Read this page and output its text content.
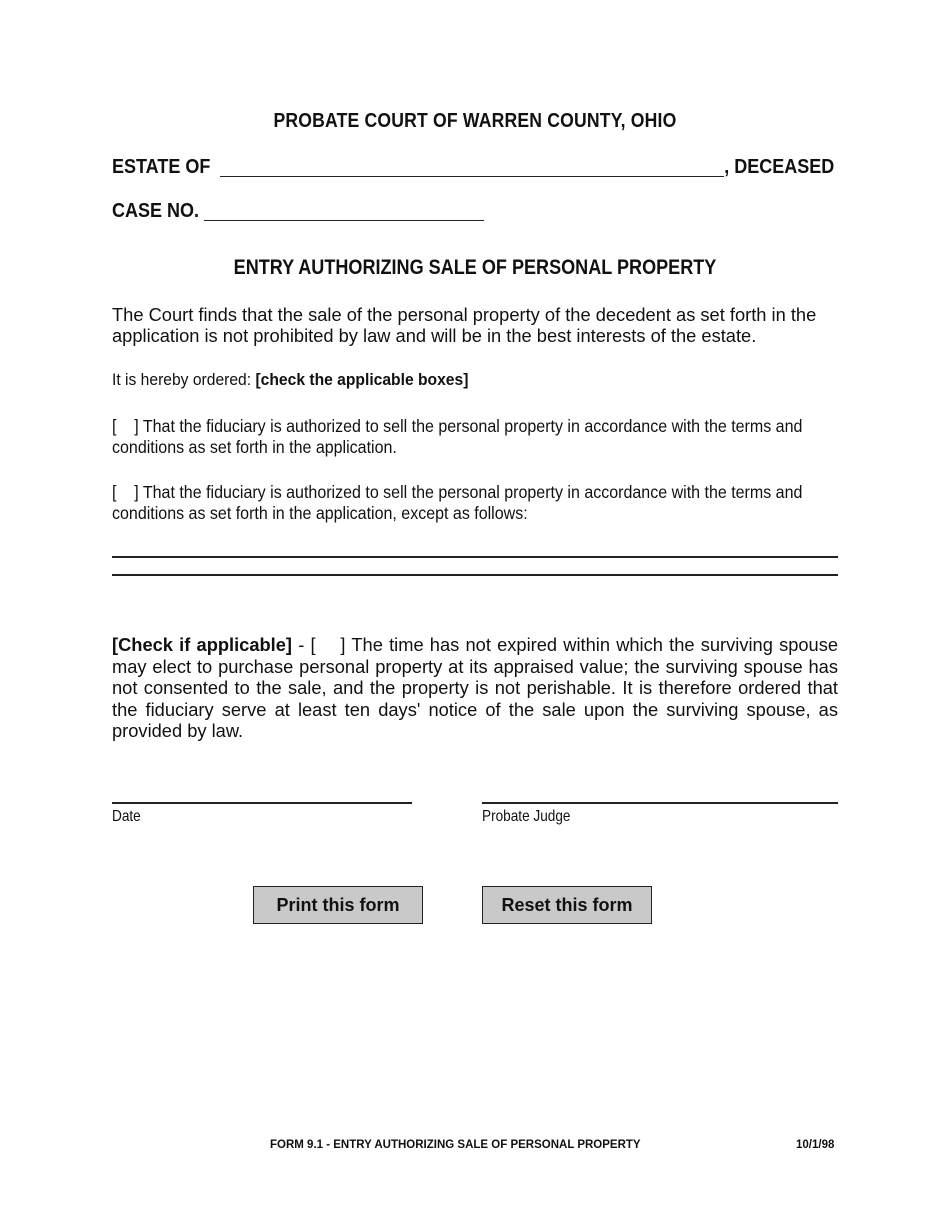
PROBATE COURT OF WARREN COUNTY, OHIO
ESTATE OF	, DECEASED
CASE NO.
ENTRY AUTHORIZING SALE OF PERSONAL PROPERTY
The Court finds that the sale of the personal property of the decedent as set forth in the application is not prohibited by law and will be in the best interests of the estate.
It is hereby ordered: [check the applicable boxes]
[    ] That the fiduciary is authorized to sell the personal property in accordance with the terms and conditions as set forth in the application.
[    ] That the fiduciary is authorized to sell the personal property in accordance with the terms and conditions as set forth in the application, except as follows:
[Check if applicable] - [    ] The time has not expired within which the surviving spouse may elect to purchase personal property at its appraised value; the surviving spouse has not consented to the sale, and the property is not perishable. It is therefore ordered that the fiduciary serve at least ten days' notice of the sale upon the surviving spouse, as provided by law.
Date	Probate Judge
Print this form	Reset this form
FORM 9.1 - ENTRY AUTHORIZING SALE OF PERSONAL PROPERTY	10/1/98
